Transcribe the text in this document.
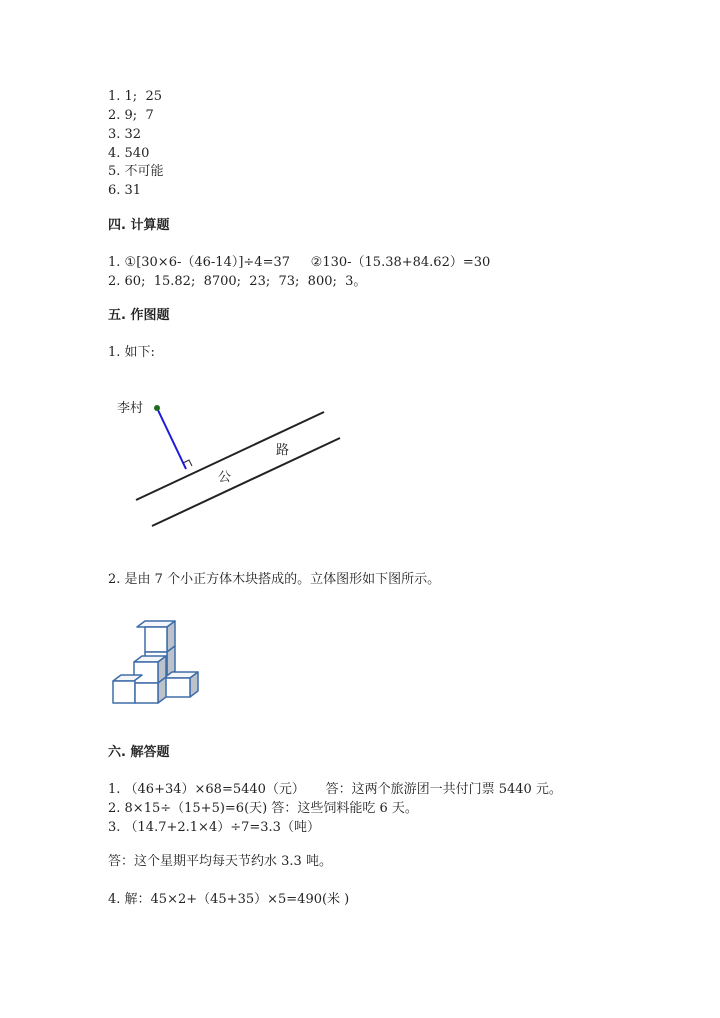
1. 1;  25
2. 9;  7
3. 32
4. 540
5. 不可能
6. 31
四. 计算题
1. ①[30×6-（46-14）]÷4=37     ②130-（15.38+84.62）=30
2. 60;  15.82;  8700;  23;  73;  800;  3。
五. 作图题
1. 如下:
李村
路
公
2. 是由 7 个小正方体木块搭成的。立体图形如下图所示。
六. 解答题
1. （46+34）×68=5440（元）     答：这两个旅游团一共付门票 5440 元。
2. 8×15÷（15+5)=6(天) 答：这些饲料能吃 6 天。
3. （14.7+2.1×4）÷7=3.3（吨）
答：这个星期平均每天节约水 3.3 吨。
4. 解：45×2+（45+35）×5=490(米 )
